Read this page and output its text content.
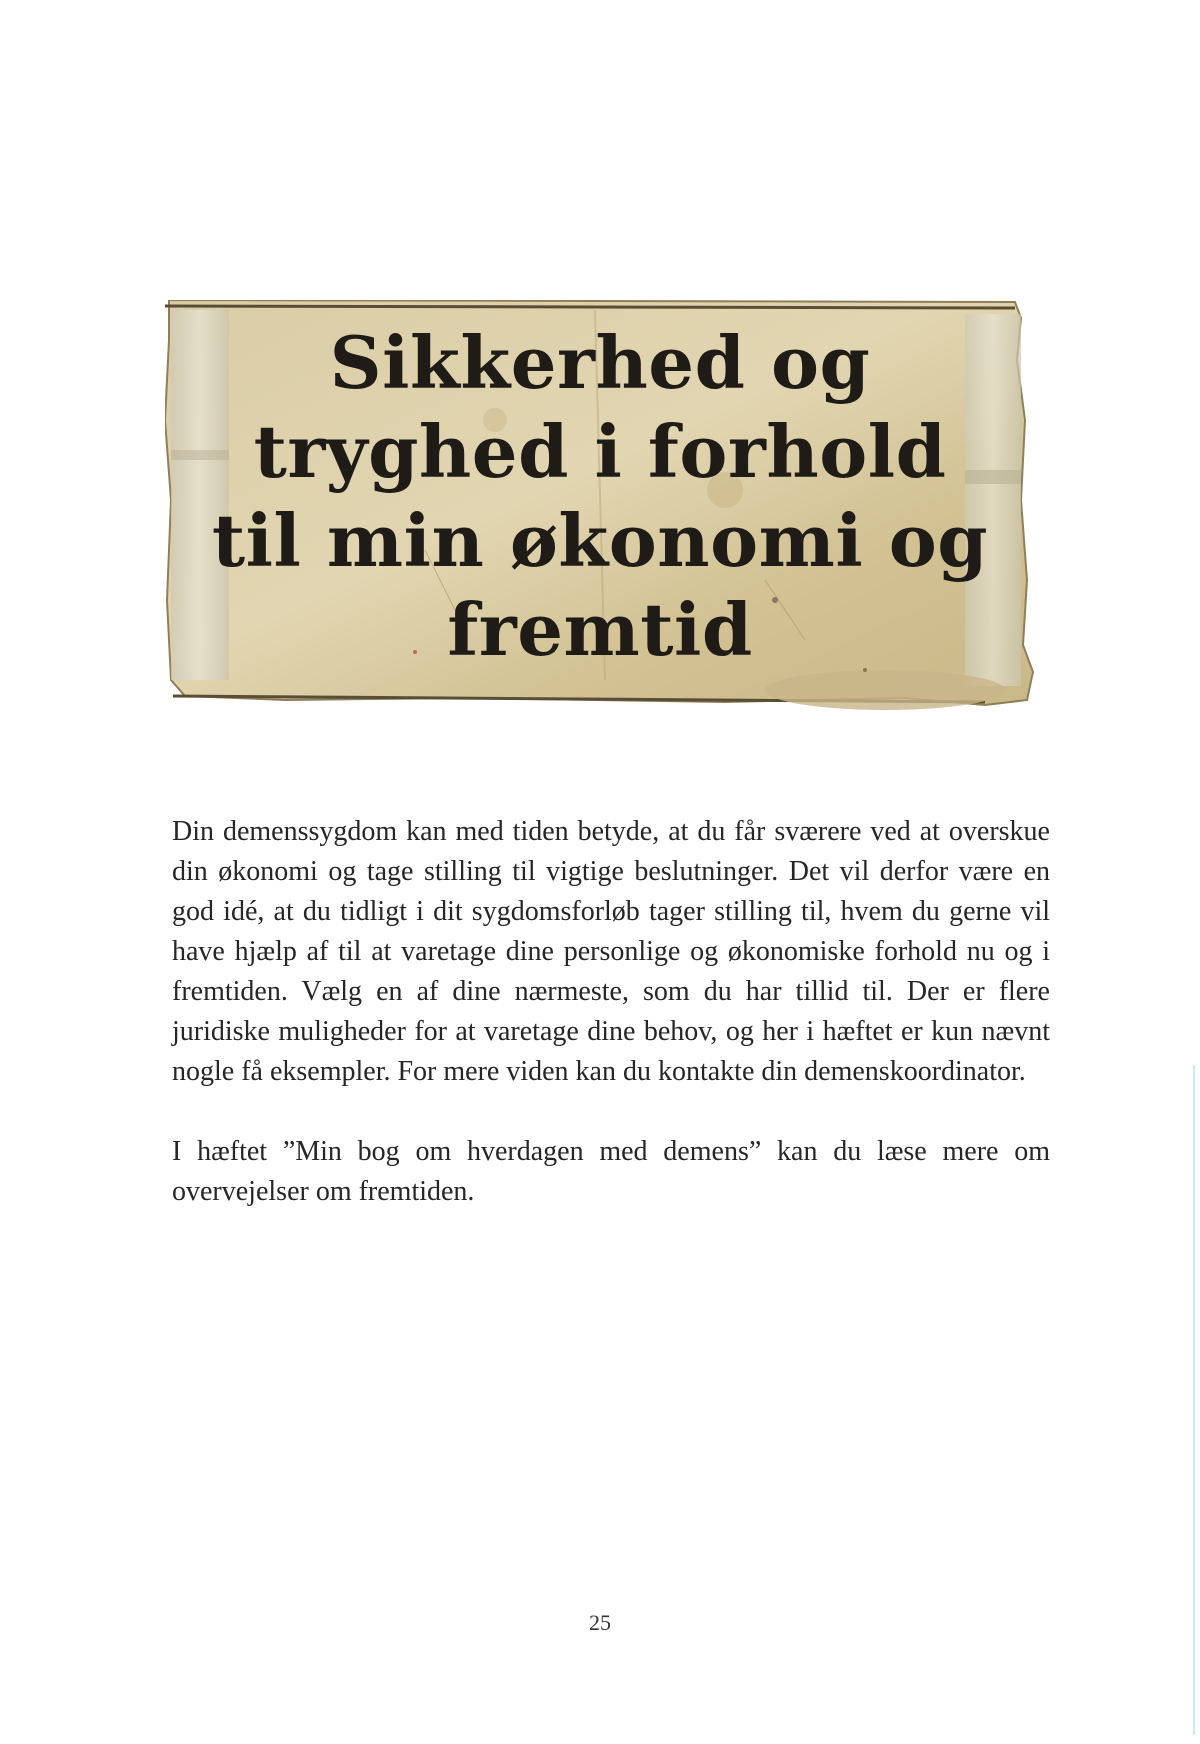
Sikkerhed og
tryghed i forhold
til min økonomi og
fremtid

Din demenssygdom kan med tiden betyde, at du får sværere ved at overskue din økonomi og tage stilling til vigtige beslutninger. Det vil derfor være en god idé, at du tidligt i dit sygdomsforløb tager stilling til, hvem du gerne vil have hjælp af til at varetage dine personlige og økonomiske forhold nu og i fremtiden. Vælg en af dine nærmeste, som du har tillid til. Der er flere juridiske muligheder for at varetage dine behov, og her i hæftet er kun nævnt nogle få eksempler. For mere viden kan du kontakte din demenskoordinator.

I hæftet ”Min bog om hverdagen med demens” kan du læse mere om overvejelser om fremtiden.

25
